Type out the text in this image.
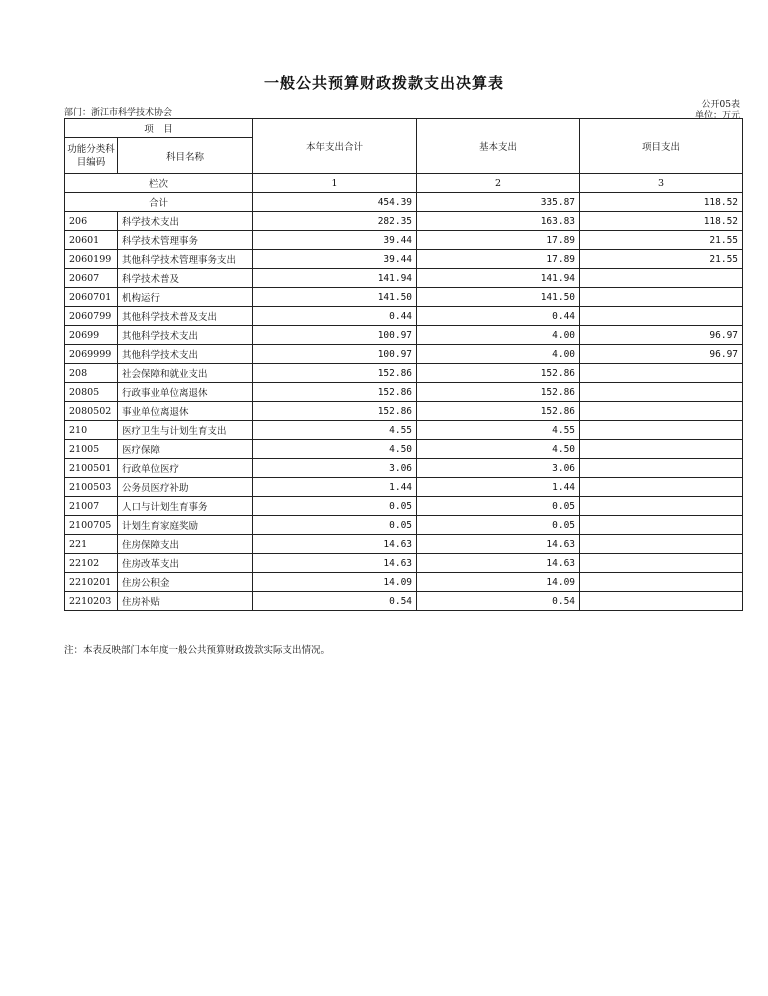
一般公共预算财政拨款支出决算表
公开05表
部门：浙江市科学技术协会	单位：万元
项　目		本年支出合计	基本支出	项目支出
功能分类科目编码	科目名称			

栏次		1	2	3
合计		454.39	335.87	118.52
206	科学技术支出	282.35	163.83	118.52
20601	科学技术管理事务	39.44	17.89	21.55
2060199	其他科学技术管理事务支出	39.44	17.89	21.55
20607	科学技术普及	141.94	141.94	
2060701	机构运行	141.50	141.50	
2060799	其他科学技术普及支出	0.44	0.44	
20699	其他科学技术支出	100.97	4.00	96.97
2069999	其他科学技术支出	100.97	4.00	96.97
208	社会保障和就业支出	152.86	152.86	
20805	行政事业单位离退休	152.86	152.86	
2080502	事业单位离退休	152.86	152.86	
210	医疗卫生与计划生育支出	4.55	4.55	
21005	医疗保障	4.50	4.50	
2100501	行政单位医疗	3.06	3.06	
2100503	公务员医疗补助	1.44	1.44	
21007	人口与计划生育事务	0.05	0.05	
2100705	计划生育家庭奖励	0.05	0.05	
221	住房保障支出	14.63	14.63	
22102	住房改革支出	14.63	14.63	
2210201	住房公积金	14.09	14.09	
2210203	住房补贴	0.54	0.54	
注：本表反映部门本年度一般公共预算财政拨款实际支出情况。
